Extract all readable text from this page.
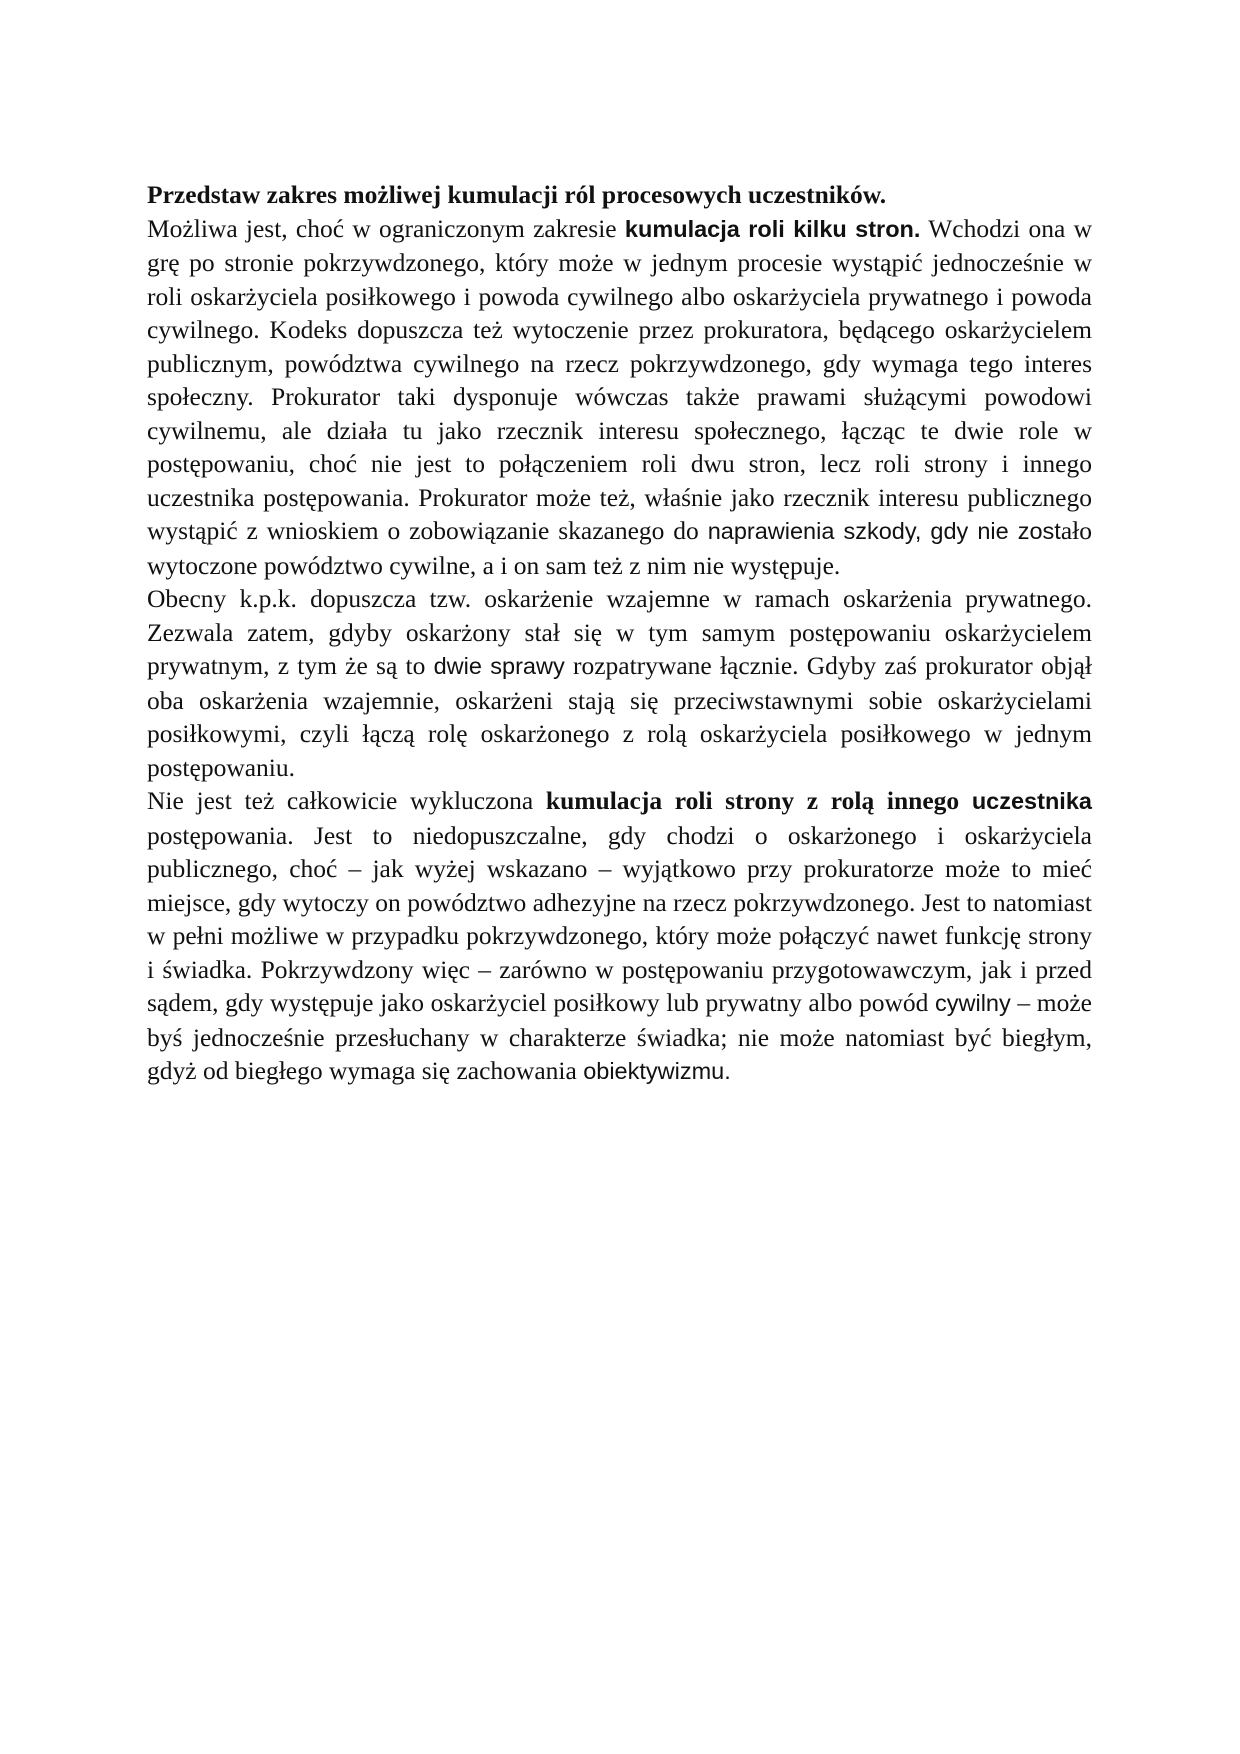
Przedstaw zakres możliwej kumulacji ról procesowych uczestników.

Możliwa jest, choć w ograniczonym zakresie kumulacja roli kilku stron. Wchodzi ona w grę po stronie pokrzywdzonego, który może w jednym procesie wystąpić jednocześnie w roli oskarżyciela posiłkowego i powoda cywilnego albo oskarżyciela prywatnego i powoda cywilnego. Kodeks dopuszcza też wytoczenie przez prokuratora, będącego oskarżycielem publicznym, powództwa cywilnego na rzecz pokrzywdzonego, gdy wymaga tego interes społeczny. Prokurator taki dysponuje wówczas także prawami służącymi powodowi cywilnemu, ale działa tu jako rzecznik interesu społecznego, łącząc te dwie role w postępowaniu, choć nie jest to połączeniem roli dwu stron, lecz roli strony i innego uczestnika postępowania. Prokurator może też, właśnie jako rzecznik interesu publicznego wystąpić z wnioskiem o zobowiązanie skazanego do naprawienia szkody, gdy nie zostało wytoczone powództwo cywilne, a i on sam też z nim nie występuje.

Obecny k.p.k. dopuszcza tzw. oskarżenie wzajemne w ramach oskarżenia prywatnego. Zezwala zatem, gdyby oskarżony stał się w tym samym postępowaniu oskarżycielem prywatnym, z tym że są to dwie sprawy rozpatrywane łącznie. Gdyby zaś prokurator objął oba oskarżenia wzajemnie, oskarżeni stają się przeciwstawnymi sobie oskarżycielami posiłkowymi, czyli łączą rolę oskarżonego z rolą oskarżyciela posiłkowego w jednym postępowaniu.

Nie jest też całkowicie wykluczona kumulacja roli strony z rolą innego uczestnika postępowania. Jest to niedopuszczalne, gdy chodzi o oskarżonego i oskarżyciela publicznego, choć – jak wyżej wskazano – wyjątkowo przy prokuratorze może to mieć miejsce, gdy wytoczy on powództwo adhezyjne na rzecz pokrzywdzonego. Jest to natomiast w pełni możliwe w przypadku pokrzywdzonego, który może połączyć nawet funkcję strony i świadka. Pokrzywdzony więc – zarówno w postępowaniu przygotowawczym, jak i przed sądem, gdy występuje jako oskarżyciel posiłkowy lub prywatny albo powód cywilny – może byś jednocześnie przesłuchany w charakterze świadka; nie może natomiast być biegłym, gdyż od biegłego wymaga się zachowania obiektywizmu.
